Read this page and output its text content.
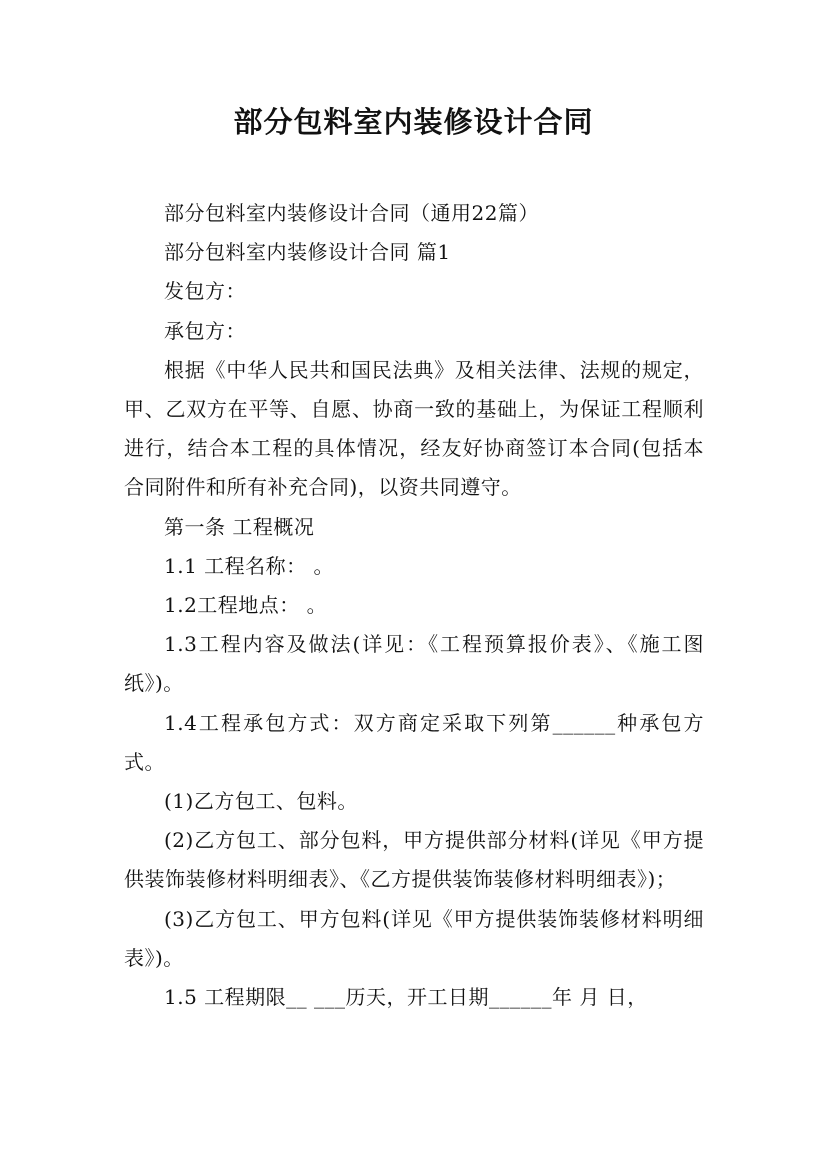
部分包料室内装修设计合同

部分包料室内装修设计合同（通用22篇）

部分包料室内装修设计合同 篇1

发包方：

承包方：

根据《中华人民共和国民法典》及相关法律、法规的规定，甲、乙双方在平等、自愿、协商一致的基础上，为保证工程顺利进行，结合本工程的具体情况，经友好协商签订本合同(包括本合同附件和所有补充合同)，以资共同遵守。

第一条 工程概况

1.1 工程名称： 。

1.2工程地点： 。

1.3工程内容及做法(详见：《工程预算报价表》、《施工图纸》)。

1.4工程承包方式：双方商定采取下列第______种承包方式。

(1)乙方包工、包料。

(2)乙方包工、部分包料，甲方提供部分材料(详见《甲方提供装饰装修材料明细表》、《乙方提供装饰装修材料明细表》)；

(3)乙方包工、甲方包料(详见《甲方提供装饰装修材料明细表》)。

1.5 工程期限__ ___历天，开工日期______年 月 日，
